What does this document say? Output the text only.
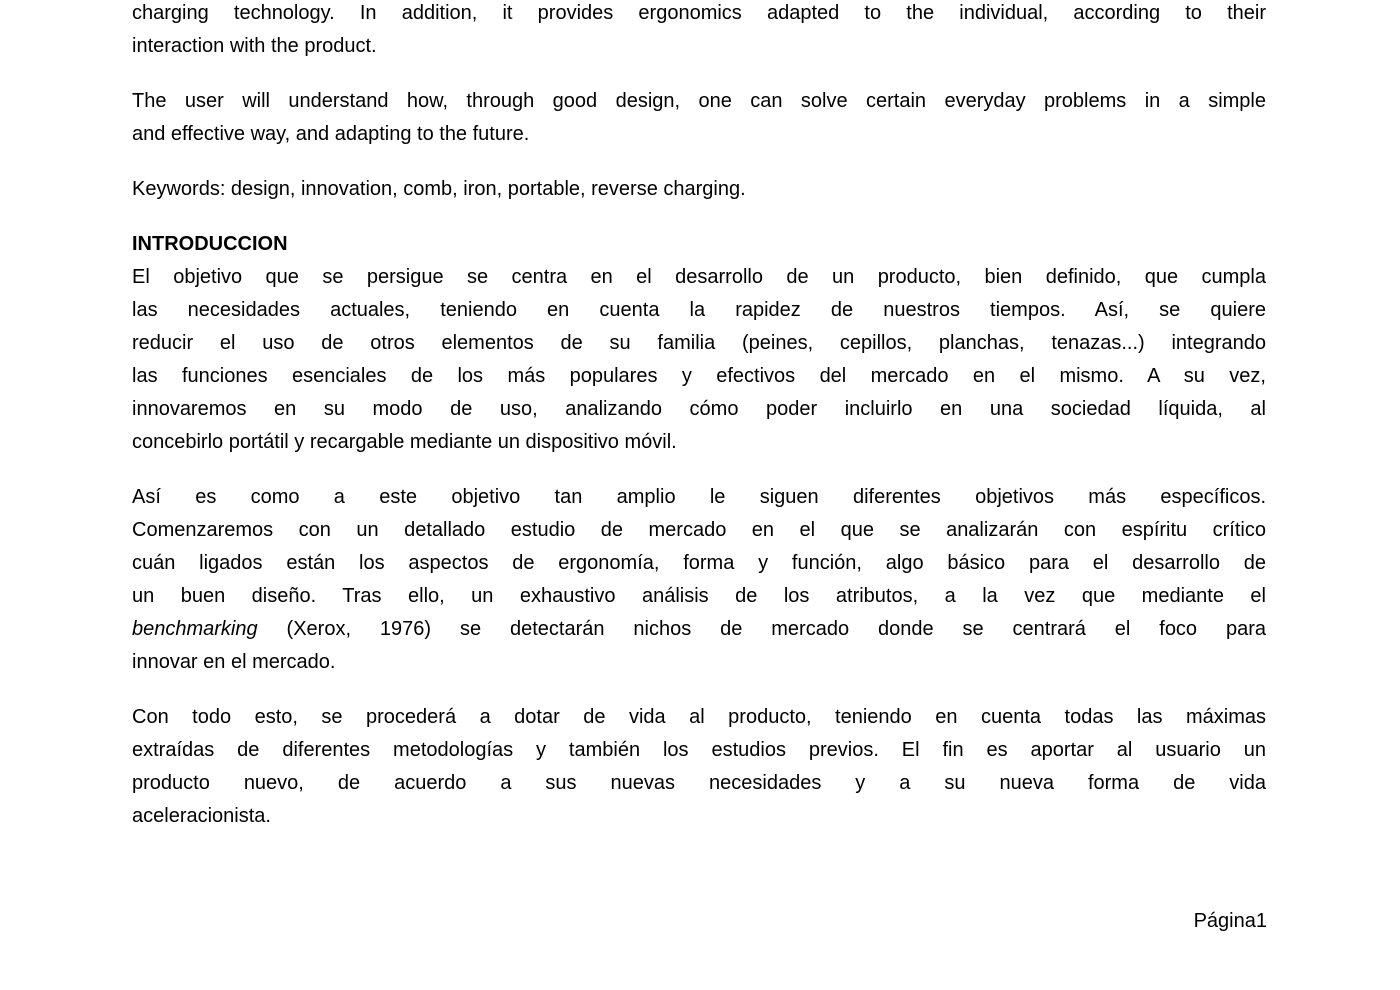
charging technology. In addition, it provides ergonomics adapted to the individual, according to their
interaction with the product.
The user will understand how, through good design, one can solve certain everyday problems in a simple
and effective way, and adapting to the future.
Keywords: design, innovation, comb, iron, portable, reverse charging.
INTRODUCCION
El objetivo que se persigue se centra en el desarrollo de un producto, bien definido, que cumpla
las necesidades actuales, teniendo en cuenta la rapidez de nuestros tiempos. Así, se quiere
reducir el uso de otros elementos de su familia (peines, cepillos, planchas, tenazas...) integrando
las funciones esenciales de los más populares y efectivos del mercado en el mismo. A su vez,
innovaremos en su modo de uso, analizando cómo poder incluirlo en una sociedad líquida, al
concebirlo portátil y recargable mediante un dispositivo móvil.
Así es como a este objetivo tan amplio le siguen diferentes objetivos más específicos.
Comenzaremos con un detallado estudio de mercado en el que se analizarán con espíritu crítico
cuán ligados están los aspectos de ergonomía, forma y función, algo básico para el desarrollo de
un buen diseño. Tras ello, un exhaustivo análisis de los atributos, a la vez que mediante el
benchmarking (Xerox, 1976) se detectarán nichos de mercado donde se centrará el foco para
innovar en el mercado.
Con todo esto, se procederá a dotar de vida al producto, teniendo en cuenta todas las máximas
extraídas de diferentes metodologías y también los estudios previos. El fin es aportar al usuario un
producto nuevo, de acuerdo a sus nuevas necesidades y a su nueva forma de vida
aceleracionista.
Página1
